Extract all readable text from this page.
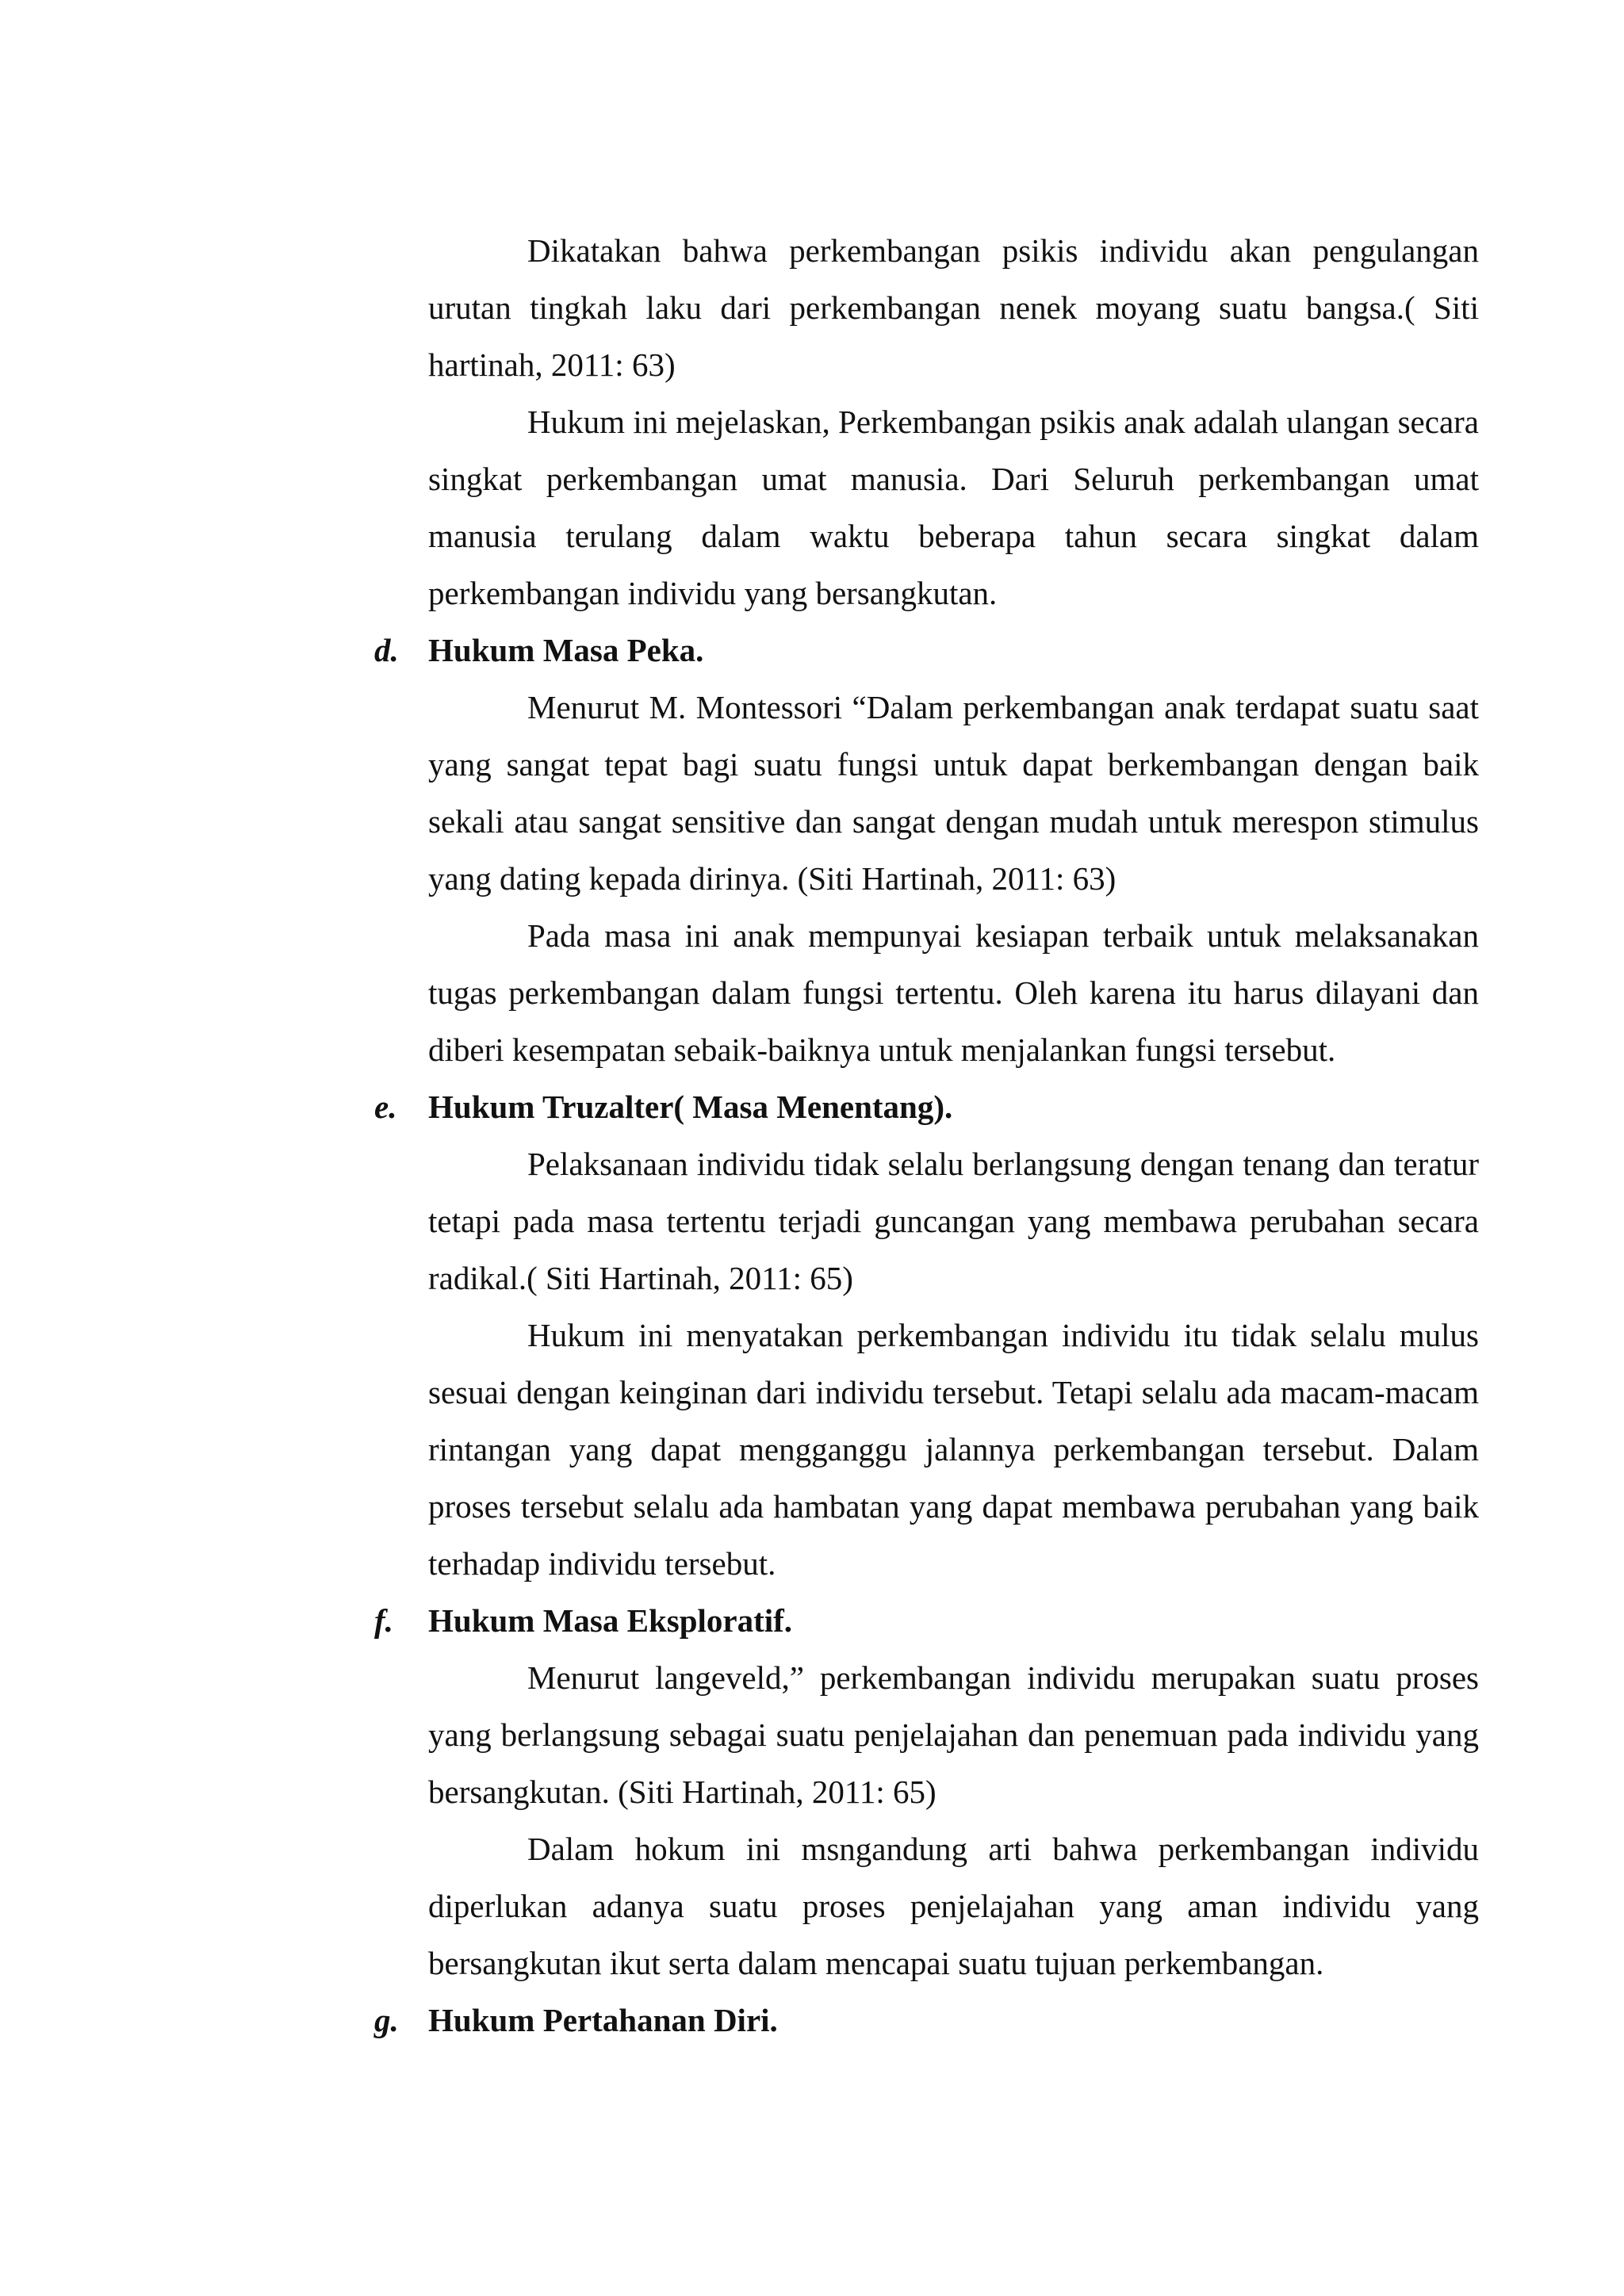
Dikatakan bahwa perkembangan psikis individu akan pengulangan urutan tingkah laku dari perkembangan nenek moyang suatu bangsa.( Siti hartinah, 2011: 63)

Hukum ini mejelaskan, Perkembangan psikis anak adalah ulangan secara singkat perkembangan umat manusia. Dari Seluruh perkembangan umat manusia terulang dalam waktu beberapa tahun secara singkat dalam perkembangan individu yang bersangkutan.

d. Hukum Masa Peka.

Menurut M. Montessori “Dalam perkembangan anak terdapat suatu saat yang sangat tepat bagi suatu fungsi untuk dapat berkembangan dengan baik sekali atau sangat sensitive dan sangat dengan mudah untuk merespon stimulus yang dating kepada dirinya. (Siti Hartinah, 2011: 63)

Pada masa ini anak mempunyai kesiapan terbaik untuk melaksanakan tugas perkembangan dalam fungsi tertentu. Oleh karena itu harus dilayani dan diberi kesempatan sebaik-baiknya untuk menjalankan fungsi tersebut.

e. Hukum Truzalter( Masa Menentang).

Pelaksanaan individu tidak selalu berlangsung dengan tenang dan teratur tetapi pada masa tertentu terjadi guncangan yang membawa perubahan secara radikal.( Siti Hartinah, 2011: 65)

Hukum ini menyatakan perkembangan individu itu tidak selalu mulus sesuai dengan keinginan dari individu tersebut. Tetapi selalu ada macam-macam rintangan yang dapat mengganggu jalannya perkembangan tersebut. Dalam proses tersebut selalu ada hambatan yang dapat membawa perubahan yang baik terhadap individu tersebut.

f. Hukum Masa Eksploratif.

Menurut langeveld,” perkembangan individu merupakan suatu proses yang berlangsung sebagai suatu penjelajahan dan penemuan pada individu yang bersangkutan. (Siti Hartinah, 2011: 65)

Dalam hokum ini msngandung arti bahwa perkembangan individu diperlukan adanya suatu proses penjelajahan yang aman individu yang bersangkutan ikut serta dalam mencapai suatu tujuan perkembangan.

g. Hukum Pertahanan Diri.
